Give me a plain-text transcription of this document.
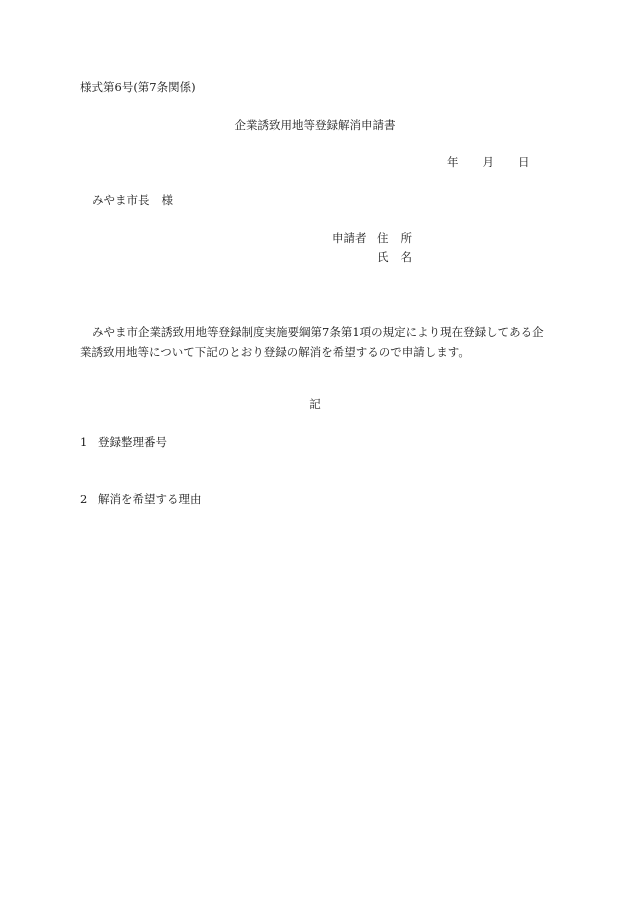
様式第6号(第7条関係)
企業誘致用地等登録解消申請書
年 月 日
みやま市長 様
申請者 住 所
氏 名
みやま市企業誘致用地等登録制度実施要綱第7条第1項の規定により現在登録してある企業誘致用地等について下記のとおり登録の解消を希望するので申請します。
記
1 登録整理番号
2 解消を希望する理由
